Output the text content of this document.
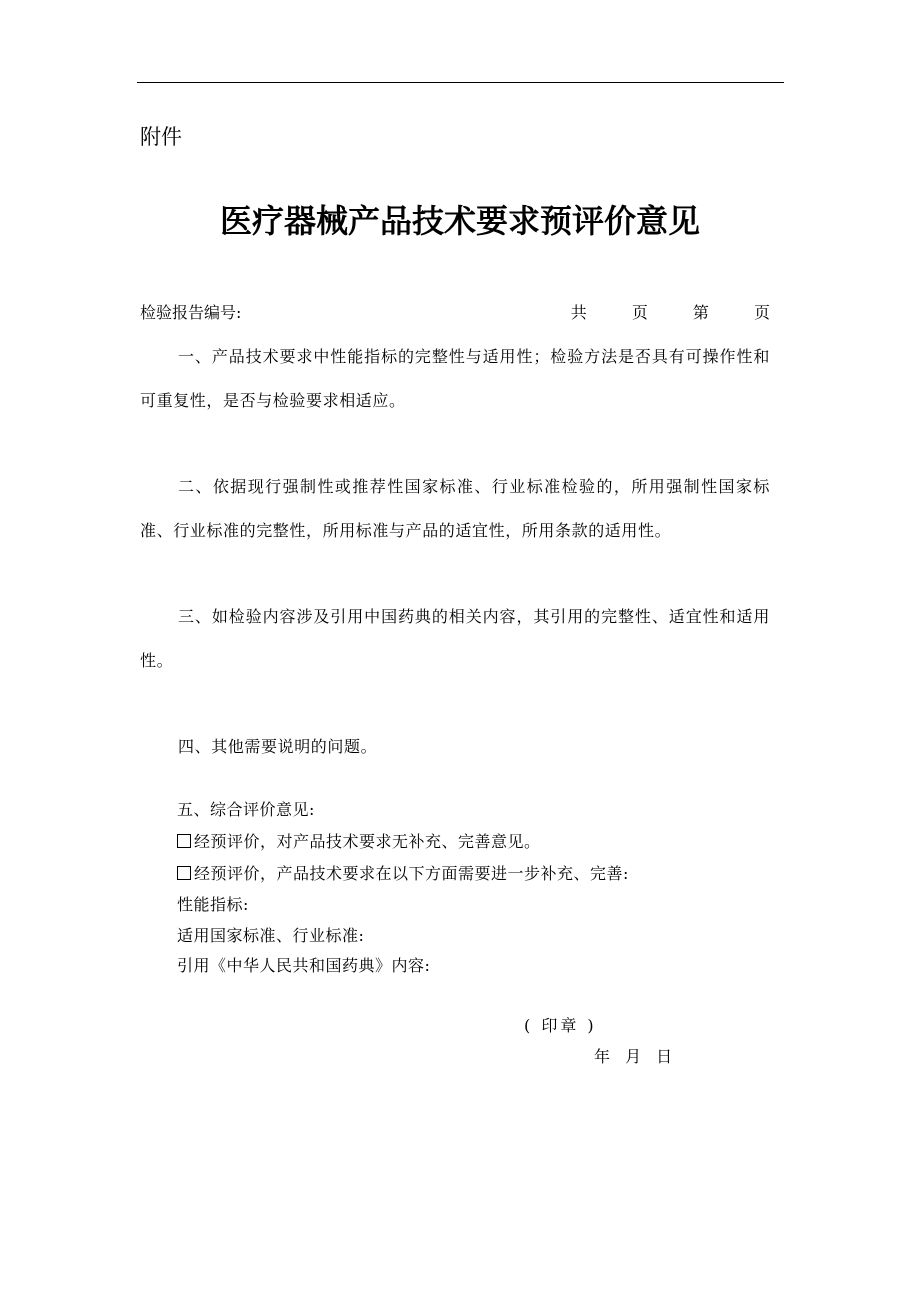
附件
医疗器械产品技术要求预评价意见
检验报告编号:	共 页 第 页
一、产品技术要求中性能指标的完整性与适用性；检验方法是否具有可操作性和可重复性，是否与检验要求相适应。
二、依据现行强制性或推荐性国家标准、行业标准检验的，所用强制性国家标准、行业标准的完整性，所用标准与产品的适宜性，所用条款的适用性。
三、如检验内容涉及引用中国药典的相关内容，其引用的完整性、适宜性和适用性。
四、其他需要说明的问题。
五、综合评价意见:
经预评价，对产品技术要求无补充、完善意见。
经预评价，产品技术要求在以下方面需要进一步补充、完善:
性能指标:
适用国家标准、行业标准:
引用《中华人民共和国药典》内容:
( 印章 )
年 月 日
